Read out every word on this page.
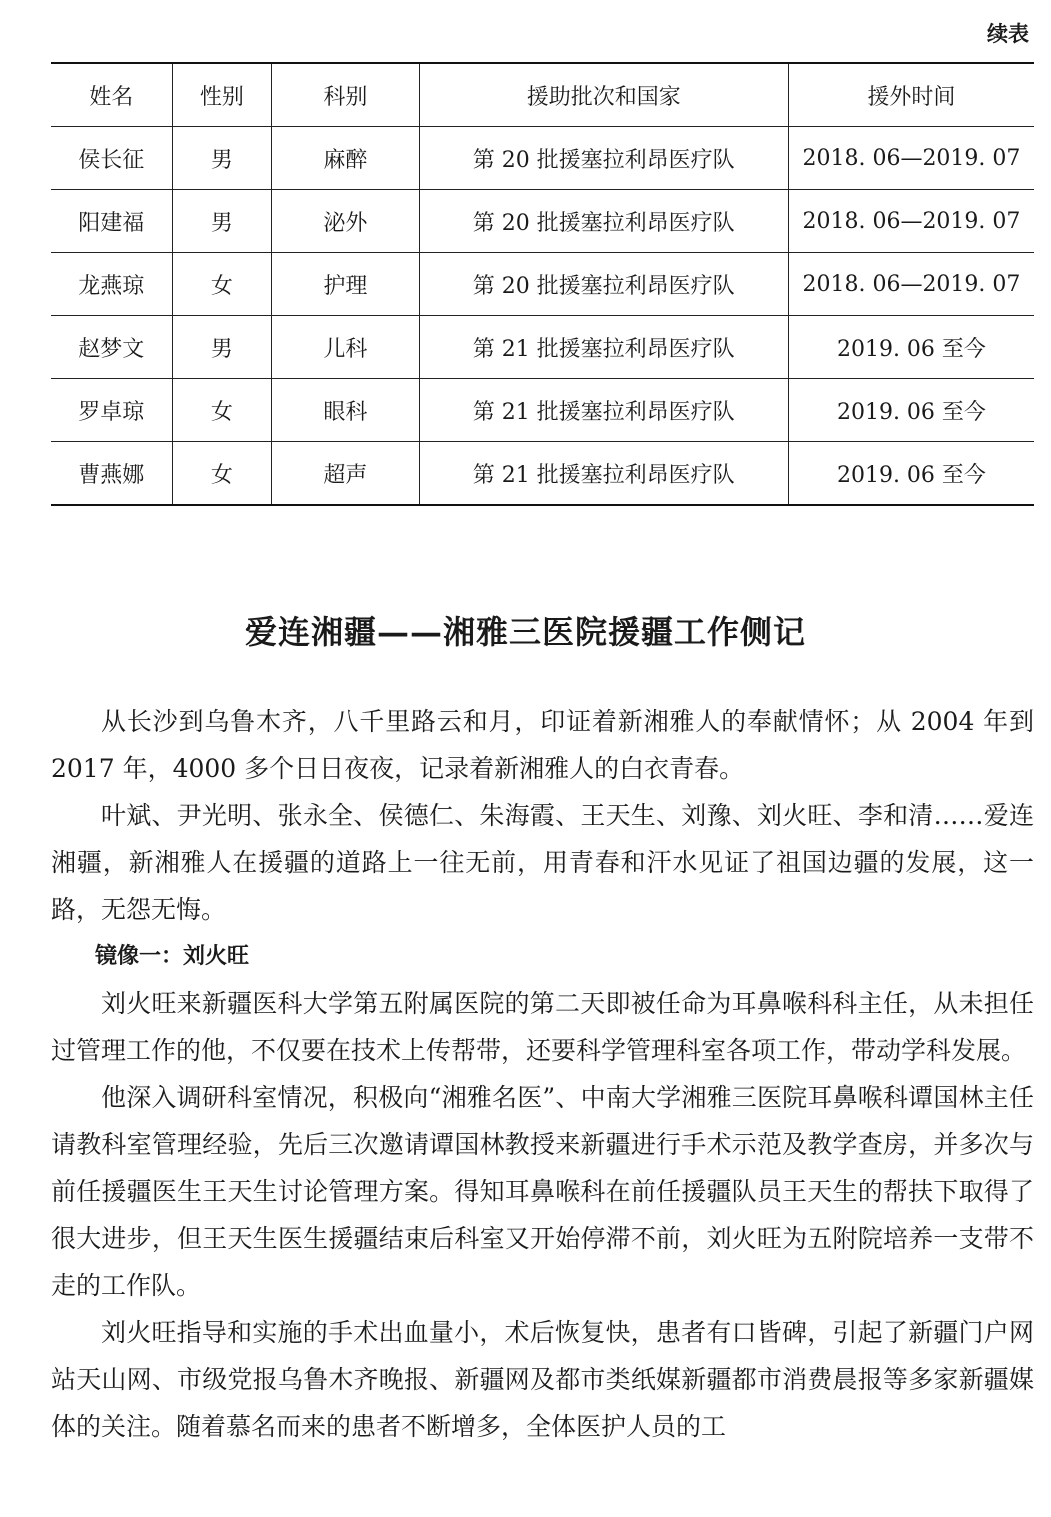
续表
姓名	性别	科别	援助批次和国家	援外时间
侯长征	男	麻醉	第 20 批援塞拉利昂医疗队	2018. 06—2019. 07
阳建福	男	泌外	第 20 批援塞拉利昂医疗队	2018. 06—2019. 07
龙燕琼	女	护理	第 20 批援塞拉利昂医疗队	2018. 06—2019. 07
赵梦文	男	儿科	第 21 批援塞拉利昂医疗队	2019. 06 至今
罗卓琼	女	眼科	第 21 批援塞拉利昂医疗队	2019. 06 至今
曹燕娜	女	超声	第 21 批援塞拉利昂医疗队	2019. 06 至今
爱连湘疆——湘雅三医院援疆工作侧记

从长沙到乌鲁木齐，八千里路云和月，印证着新湘雅人的奉献情怀；从 2004 年到 2017 年，4000 多个日日夜夜，记录着新湘雅人的白衣青春。

叶斌、尹光明、张永全、侯德仁、朱海霞、王天生、刘豫、刘火旺、李和清……爱连湘疆，新湘雅人在援疆的道路上一往无前，用青春和汗水见证了祖国边疆的发展，这一路，无怨无悔。

镜像一：刘火旺

刘火旺来新疆医科大学第五附属医院的第二天即被任命为耳鼻喉科科主任，从未担任过管理工作的他，不仅要在技术上传帮带，还要科学管理科室各项工作，带动学科发展。

他深入调研科室情况，积极向“湘雅名医”、中南大学湘雅三医院耳鼻喉科谭国林主任请教科室管理经验，先后三次邀请谭国林教授来新疆进行手术示范及教学查房，并多次与前任援疆医生王天生讨论管理方案。得知耳鼻喉科在前任援疆队员王天生的帮扶下取得了很大进步，但王天生医生援疆结束后科室又开始停滞不前，刘火旺为五附院培养一支带不走的工作队。

刘火旺指导和实施的手术出血量小，术后恢复快，患者有口皆碑，引起了新疆门户网站天山网、市级党报乌鲁木齐晚报、新疆网及都市类纸媒新疆都市消费晨报等多家新疆媒体的关注。随着慕名而来的患者不断增多，全体医护人员的工
